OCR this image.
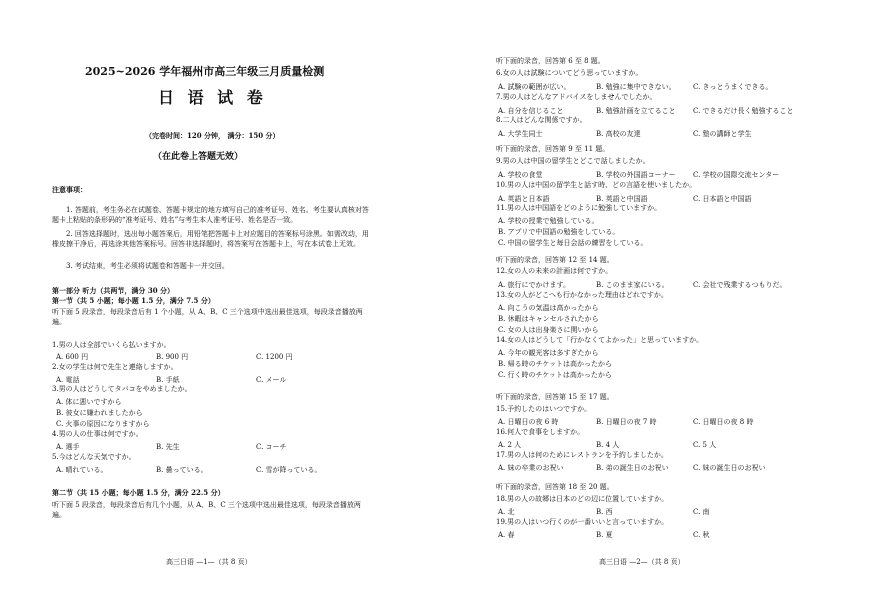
2025~2026 学年福州市高三年级三月质量检测
日 语 试 卷
（完卷时间：120 分钟， 满分：150 分）
（在此卷上答题无效）
注意事项：
1. 答题前，考生务必在试题卷、答题卡规定的地方填写自己的准考证号、姓名。考生要认真核对答题卡上粘贴的条形码的“准考证号、姓名”与考生本人准考证号、姓名是否一致。
2. 回答选择题时，选出每小题答案后，用铅笔把答题卡上对应题目的答案标号涂黑。如需改动，用橡皮擦干净后，再选涂其他答案标号。回答非选择题时，将答案写在答题卡上，写在本试卷上无效。
3. 考试结束，考生必须将试题卷和答题卡一并交回。
第一部分 听力（共两节，满分 30 分）
第一节（共 5 小题；每小题 1.5 分，满分 7.5 分）
听下面 5 段录音，每段录音后有 1 个小题，从 A、B、C 三个选项中选出最佳选项，每段录音播放两遍。
1.男の人は全部でいくら払いますか。
A. 600 円	B. 900 円	C. 1200 円
2.女の学生は何で先生と連絡しますか。
A. 電話	B. 手紙	C. メール
3.男の人はどうしてタバコをやめましたか。
A. 体に悪いですから
B. 彼女に嫌われましたから
C. 火事の原因になりますから
4.男の人の仕事は何ですか。
A. 選手	B. 先生	C. コーチ
5.今はどんな天気ですか。
A. 晴れている。	B. 曇っている。	C. 雪が降っている。
第二节（共 15 小题；每小题 1.5 分，满分 22.5 分）
听下面 5 段录音，每段录音后有几个小题，从 A、B、C 三个选项中选出最佳选项，每段录音播放两遍。
高三日语 —1—（共 8 页）
听下面的录音，回答第 6 至 8 题。
6.女の人は試験についてどう思っていますか。
A. 試験の範囲が広い。	B. 勉強に集中できない。 C. きっとうまくできる。
7.男の人はどんなアドバイスをしませんでしたか。
A. 自分を信じること	B. 勉強計画を立てること C. できるだけ長く勉強すること
8.二人はどんな関係ですか。
A. 大学生同士	B. 高校の友達	C. 塾の講師と学生
听下面的录音，回答第 9 至 11 题。
9.男の人は中国の留学生とどこで話しましたか。
A. 学校の食堂	B. 学校の外国語コーナー C. 学校の国際交流センター
10.男の人は中国の留学生と話す時、どの言語を使いましたか。
A. 英語と日本語	B. 英語と中国語	C. 日本語と中国語
11.男の人は中国語をどのように勉強していますか。
A. 学校の授業で勉強している。
B. アプリで中国語の勉強をしている。
C. 中国の留学生と毎日会話の練習をしている。
听下面的录音，回答第 12 至 14 题。
12.女の人の未来の計画は何ですか。
A. 旅行にでかけます。	B. このまま家にいる。	C. 会社で残業するつもりだ。
13.女の人がどこへも行かなかった理由はどれですか。
A. 向こうの気温は高かったから
B. 休暇はキャンセルされたから
C. 女の人は出身楽さに関いから
14.女の人はどうして「行かなくてよかった」と思っていますか。
A. 今年の観光客は多すぎたから
B. 帰る時のチケットは高かったから
C. 行く時のチケットは高かったから
听下面的录音，回答第 15 至 17 题。
15.予約したのはいつですか。
A. 日曜日の夜 6 時	B. 日曜日の夜 7 時	C. 日曜日の夜 8 時
16.何人で食事をしますか。
A. 2 人	B. 4 人	C. 5 人
17.男の人は何のためにレストランを予約しましたか。
A. 妹の卒業のお祝い	B. 弟の誕生日のお祝い	C. 妹の誕生日のお祝い
听下面的录音，回答第 18 至 20 题。
18.男の人の故郷は日本のどの辺に位置していますか。
A. 北	B. 西	C. 南
19.男の人はいつ行くのが一番いいと言っていますか。
A. 春	B. 夏	C. 秋
高三日语 —2—（共 8 页）
